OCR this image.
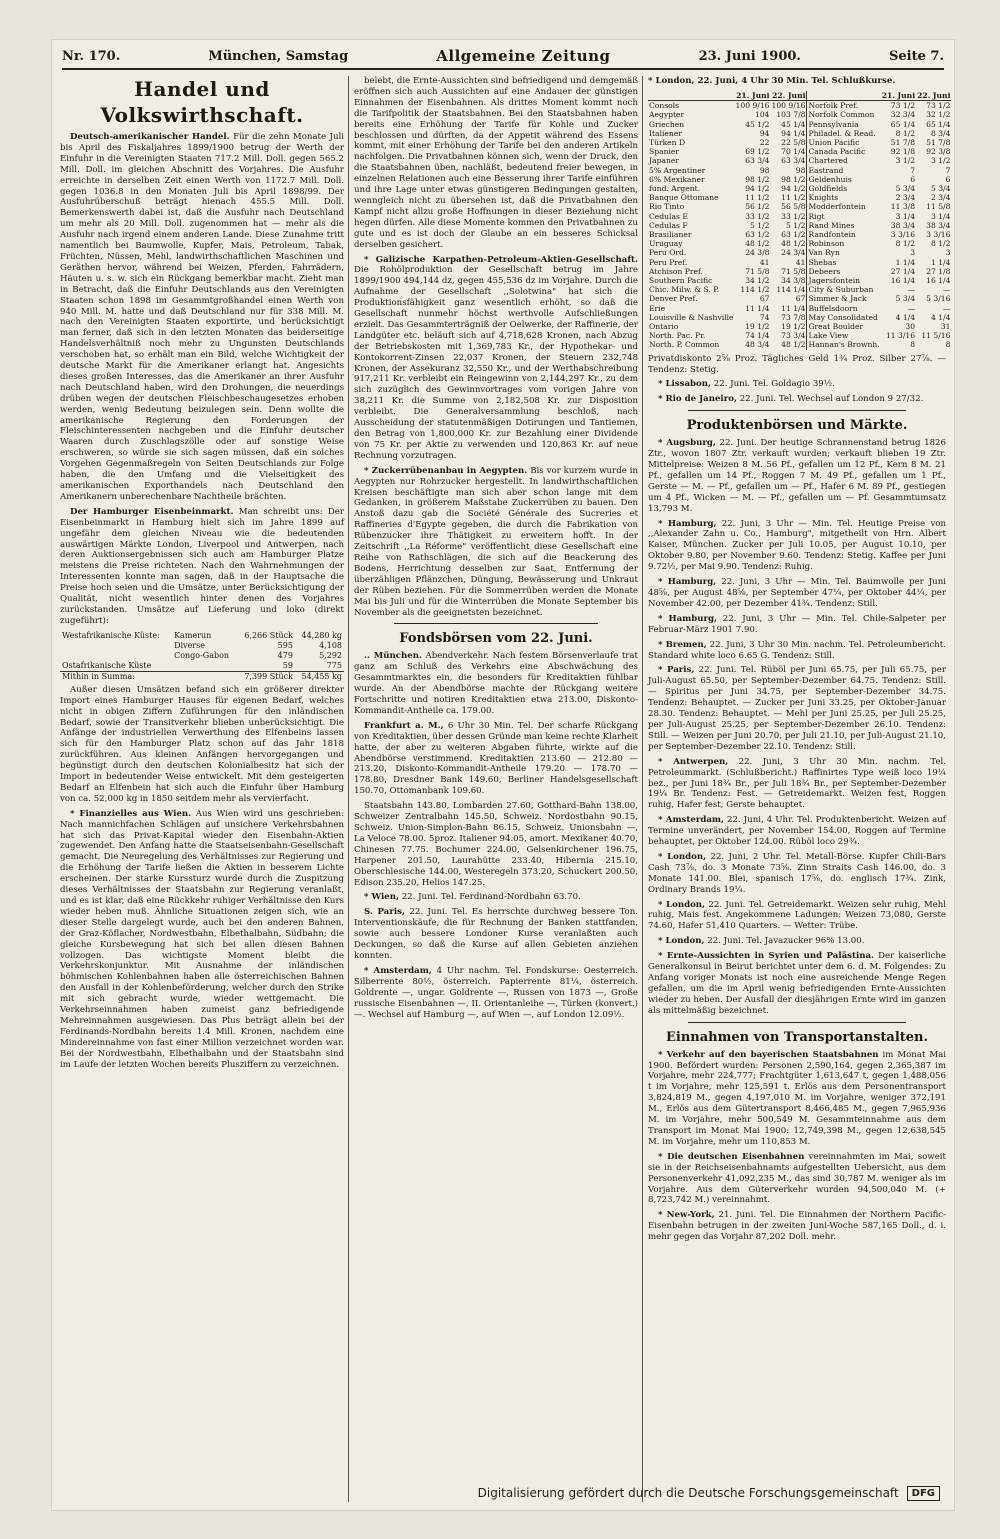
Nr. 170.	München, Samstag	Allgemeine Zeitung	23. Juni 1900.	Seite 7.
Handel und Volkswirthschaft.

Deutsch-amerikanischer Handel. Für die zehn Monate Juli bis April des Fiskaljahres 1899/1900 betrug der Werth der Einfuhr in die Vereinigten Staaten 717.2 Mill. Doll. gegen 565.2 Mill. Doll. im gleichen Abschnitt des Vorjahres. Die Ausfuhr erreichte in derselben Zeit einen Werth von 1172.7 Mill. Doll. gegen 1036.8 in den Monaten Juli bis April 1898/99. Der Ausfuhrüberschuß beträgt hienach 455.5 Mill. Doll. Bemerkenswerth dabei ist, daß die Ausfuhr nach Deutschland um mehr als 20 Mill. Doll. zugenommen hat — mehr als die Ausfuhr nach irgend einem anderen Lande. Diese Zunahme tritt namentlich bei Baumwolle, Kupfer, Mais, Petroleum, Tabak, Früchten, Nüssen, Mehl, landwirthschaftlichen Maschinen und Geräthen hervor, während bei Weizen, Pferden, Fahrrädern, Häuten u. s. w. sich ein Rückgang bemerkbar macht. Zieht man in Betracht, daß die Einfuhr Deutschlands aus den Vereinigten Staaten schon 1898 im Gesammtgroßhandel einen Werth von 940 Mill. M. hatte und daß Deutschland nur für 338 Mill. M. nach den Vereinigten Staaten exportirte, und berücksichtigt man ferner, daß sich in den letzten Monaten das beiderseitige Handelsverhältniß noch mehr zu Ungunsten Deutschlands verschoben hat, so erhält man ein Bild, welche Wichtigkeit der deutsche Markt für die Amerikaner erlangt hat. Angesichts dieses großen Interesses, das die Amerikaner an ihrer Ausfuhr nach Deutschland haben, wird den Drohungen, die neuerdings drüben wegen der deutschen Fleischbeschaugesetzes erhoben werden, wenig Bedeutung beizulegen sein. Denn wollte die amerikanische Regierung den Forderungen der Fleischinteressenten nachgeben und die Einfuhr deutscher Waaren durch Zuschlagszölle oder auf sonstige Weise erschweren, so würde sie sich sagen müssen, daß ein solches Vorgehen Gegenmaßregeln von Seiten Deutschlands zur Folge haben, die den Umfang und die Vielseitigkeit des amerikanischen Exporthandels nach Deutschland den Amerikanern unberechenbare Nachtheile brächten.

Der Hamburger Eisenbeinmarkt. Man schreibt uns: Der Eisenbeinmarkt in Hamburg hielt sich im Jahre 1899 auf ungefähr dem gleichen Niveau wie die bedeutenden auswärtigen Märkte London, Liverpool und Antwerpen, nach deren Auktionsergebnissen sich auch am Hamburger Platze meistens die Preise richteten. Nach den Wahrnehmungen der Interessenten konnte man sagen, daß in der Hauptsache die Preise hoch seien und die Umsätze, unter Berücksichtigung der Qualität, nicht wesentlich hinter denen des Vorjahres zurückstanden. Umsätze auf Lieferung und loko (direkt zugeführt):

Westafrikanische Küste:	Kamerun	6,266 Stück	44,280 kg
	Diverse	595	4,108
	Congo-Gabon	479	5,292
Ostafrikanische Küste		59	775
Mithin in Summa:		7,399 Stück	54,455 kg

Außer diesen Umsätzen befand sich ein größerer direkter Import eines Hamburger Hauses für eigenen Bedarf, welches nicht in obigen Ziffern Zuführungen für den inländischen Bedarf, sowie der Transitverkehr blieben unberücksichtigt. Die Anfänge der industriellen Verwerthung des Elfenbeins lassen sich für den Hamburger Platz schon auf das Jahr 1818 zurückführen. Aus kleinen Anfängen hervorgegangen und begünstigt durch den deutschen Kolonialbesitz hat sich der Import in bedeutender Weise entwickelt. Mit dem gesteigerten Bedarf an Elfenbein hat sich auch die Einfuhr über Hamburg von ca. 52,000 kg in 1850 seitdem mehr als vervierfacht.

* Finanzielles aus Wien. Aus Wien wird uns geschrieben: Nach mannichfachen Schlägen auf unsichere Verkehrsbahnen hat sich das Privat-Kapital wieder den Eisenbahn-Aktien zugewendet. Den Anfang hatte die Staatseisenbahn-Gesellschaft gemacht. Die Neuregelung des Verhältnisses zur Regierung und die Erhöhung der Tarife ließen die Aktien in besserem Lichte erscheinen. Der starke Kurssturz wurde durch die Zuspitzung dieses Verhältnisses der Staatsbahn zur Regierung veranlaßt, und es ist klar, daß eine Rückkehr ruhiger Verhältnisse den Kurs wieder heben muß. Ähnliche Situationen zeigen sich, wie an dieser Stelle dargelegt wurde, auch bei den anderen Bahnen, der Graz-Köflacher, Nordwestbahn, Elbethalbahn, Südbahn; die gleiche Kursbewegung hat sich bei allen diesen Bahnen vollzogen. Das wichtigste Moment bleibt die Verkehrskonjunktur. Mit Ausnahme der inländischen böhmischen Kohlenbahnen haben alle österreichischen Bahnen den Ausfall in der Kohlenbeförderung, welcher durch den Strike mit sich gebracht wurde, wieder wettgemacht. Die Verkehrseinnahmen haben zumeist ganz befriedigende Mehreinnahmen ausgewiesen. Das Plus beträgt allein bei der Ferdinands-Nordbahn bereits 1.4 Mill. Kronen, nachdem eine Mindereinnahme von fast einer Million verzeichnet worden war. Bei der Nordwestbahn, Elbethalbahn und der Staatsbahn sind im Laufe der letzten Wochen bereits Plusziffern zu verzeichnen.

belebt, die Ernte-Aussichten sind befriedigend und demgemäß eröffnen sich auch Aussichten auf eine Andauer der günstigen Einnahmen der Eisenbahnen. Als drittes Moment kommt noch die Tarifpolitik der Staatsbahnen. Bei den Staatsbahnen haben bereits eine Erhöhung der Tarife für Kohle und Zucker beschlossen und dürften, da der Appetit während des Essens kommt, mit einer Erhöhung der Tarife bei den anderen Artikeln nachfolgen. Die Privatbahnen können sich, wenn der Druck, den die Staatsbahnen üben, nachläßt, bedeutend freier bewegen, in einzelnen Relationen auch eine Besserung ihrer Tarife einführen und ihre Lage unter etwas günstigeren Bedingungen gestalten, wenngleich nicht zu übersehen ist, daß die Privatbahnen den Kampf nicht allzu große Hoffnungen in dieser Beziehung nicht hegen dürfen. Alle diese Momente kommen den Privatbahnen zu gute und es ist doch der Glaube an ein besseres Schicksal derselben gesichert.

* Galizische Karpathen-Petroleum-Aktien-Gesellschaft. Die Rohölproduktion der Gesellschaft betrug im Jahre 1899/1900 494,144 dz, gegen 455,536 dz im Vorjahre. Durch die Aufnahme der Gesellschaft ,,Solotwina" hat sich die Produktionsfähigkeit ganz wesentlich erhöht, so daß die Gesellschaft nunmehr höchst werthvolle Aufschließungen erzielt. Das Gesammterträgniß der Oelwerke, der Raffinerie, der Landgüter etc. beläuft sich auf 4,718,628 Kronen, nach Abzug der Betriebskosten mit 1,369,783 Kr., der Hypothekar- und Kontokorrent-Zinsen 22,037 Kronen, der Steuern 232,748 Kronen, der Assekuranz 32,550 Kr., und der Werthabschreibung 917,211 Kr. verbleibt ein Reingewinn von 2,144,297 Kr., zu dem sich zuzüglich des Gewinnvortrages vom vorigen Jahre von 38,211 Kr. die Summe von 2,182,508 Kr. zur Disposition verbleibt. Die Generalversammlung beschloß, nach Ausscheidung der statutenmäßigen Dotirungen und Tantiemen, den Betrag von 1,800,000 Kr. zur Bezahlung einer Dividende von 75 Kr. per Aktie zu verwenden und 120,863 Kr. auf neue Rechnung vorzutragen.

* Zuckerrübenanbau in Aegypten. Bis vor kurzem wurde in Aegypten nur Rohrzucker hergestellt. In landwirthschaftlichen Kreisen beschäftigte man sich aber schon lange mit dem Gedanken, in größerem Maßstabe Zuckerrüben zu bauen. Den Anstoß dazu gab die Société Générale des Sucreries et Raffineries d'Egypte gegeben, die durch die Fabrikation von Rübenzucker ihre Thätigkeit zu erweitern hofft. In der Zeitschrift ,,La Réforme" veröffentlicht diese Gesellschaft eine Reihe von Rathschlägen, die sich auf die Beackerung des Bodens, Herrichtung desselben zur Saat, Entfernung der überzähligen Pflänzchen, Düngung, Bewässerung und Unkraut der Rüben beziehen. Für die Sommerrüben werden die Monate Mai bis Juli und für die Winterrüben die Monate September bis November als die geeignetsten bezeichnet.

Fondsbörsen vom 22. Juni.

.. München. Abendverkehr. Nach festem Börsenverlaufe trat ganz am Schluß des Verkehrs eine Abschwächung des Gesammtmarktes ein, die besonders für Kreditaktien fühlbar wurde. An der Abendbörse machte der Rückgang weitere Fortschritte und notiren Kreditaktien etwa 213.00, Diskonto-Kommandit-Antheile ca. 179.00.

Frankfurt a. M., 6 Uhr 30 Min. Tel. Der scharfe Rückgang von Kreditaktien, über dessen Gründe man keine rechte Klarheit hatte, der aber zu weiteren Abgaben führte, wirkte auf die Abendbörse verstimmend. Kreditaktien 213.60 — 212.80 — 213.20, Diskonto-Kommandit-Antheile 179.20 — 178.70 — 178.80, Dresdner Bank 149.60, Berliner Handelsgesellschaft 150.70, Ottomanbank 109.60.

Staatsbahn 143.80, Lombarden 27.60, Gotthard-Bahn 138.00, Schweizer Zentralbahn 145.50, Schweiz. Nordostbahn 90.15, Schweiz. Union-Simplon-Bahn 86.15, Schweiz. Unionsbahn —, La Veloce 78.00. 5proz. Italiener 94.05, amort. Mexikaner 40.70, Chinesen 77.75. Bochumer 224.00, Gelsenkirchener 196.75, Harpener 201.50, Laurahütte 233.40, Hibernia 215.10, Oberschlesische 144.00, Westeregeln 373.20, Schuckert 200.50, Edison 235.20, Helios 147.25.

* Wien, 22. Juni. Tel. Ferdinand-Nordbahn 63.70.

S. Paris, 22. Juni. Tel. Es herrschte durchweg bessere Ton. Interventionskäufe, die für Rechnung der Banken stattfanden, sowie auch bessere Londoner Kurse veranlaßten auch Deckungen, so daß die Kurse auf allen Gebieten anziehen konnten.

* Amsterdam, 4 Uhr nachm. Tel. Fondskurse: Oesterreich. Silberrente 80½, österreich. Papierrente 81¼, österreich. Goldrente —, ungar. Goldrente —, Russen von 1873 —, Große russische Eisenbahnen —, II. Orientanleihe —, Türken (konvert.) —. Wechsel auf Hamburg —, auf Wien —, auf London 12.09½.

* London, 22. Juni, 4 Uhr 30 Min. Tel. Schlußkurse.

	21. Juni	22. Juni			21. Juni	22. Juni
Consols	100 9/16	100 9/16		Norfolk Pref.	73 1/2	73 1/2
Aegypter	104	103 7/8		Norfolk Common	32 3/4	32 1/2
Griechen	45 1/2	45 1/4		Pennsylvania	65 1/4	65 1/4
Italiener	94	94 1/4		Philadel. & Read.	8 1/2	8 3/4
Türken D	22	22 5/8		Union Pacific	51 7/8	51 7/8
Spanier	69 1/2	70 1/4		Canada Pacific	92 1/8	92 3/8
Japaner	63 3/4	63 3/4		Chartered	3 1/2	3 1/2
5% Argentiner	98	98		Eastrand	7	7
6% Mexikaner	98 1/2	98 1/2		Geldenhuis	6	6
fund. Argent.	94 1/2	94 1/2		Goldfields	5 3/4	5 3/4
Banque Ottomane	11 1/2	11 1/2		Knights	2 3/4	2 3/4
Rio Tinto	56 1/2	56 5/8		Modderfontein	11 3/8	11 5/8
Cedulas E	33 1/2	33 1/2		Rigt	3 1/4	3 1/4
Cedulas F	5 1/2	5 1/2		Rand Mines	38 3/4	38 3/4
Brasilianer	63 1/2	63 1/2		Randfontein	3 3/16	3 3/16
Uruguay	48 1/2	48 1/2		Robinson	8 1/2	8 1/2
Peru Ord.	24 3/8	24 3/4		Van Ryn	3	3
Peru Pref.	41	41		Shebas	1 1/4	1 1/4
Atchison Pref.	71 5/8	71 5/8		Debeers	27 1/4	27 1/8
Southern Pacific	34 1/2	34 3/8		Jagersfontein	16 1/4	16 1/4
Chic. Milw. & S. P.	114 1/2	114 1/4		City & Suburban	—	—
Denver Pref.	67	67		Simmer & Jack	5 3/4	5 3/16
Erie	11 1/4	11 1/4		Buffelsdoorn	—	—
Louisville & Nashville	74	73 7/8		May Consolidated	4 1/4	4 1/4
Ontario	19 1/2	19 1/2		Great Boulder	30	31
North. Pac. Pr.	74 1/4	73 3/4		Lake View	11 3/16	11 5/16
North. P. Common	48 3/4	48 1/2		Hannan's Brownh.	8	8

Privatdiskonto 2⅝ Proz. Tägliches Geld 1¾ Proz. Silber 27⅞. — Tendenz: Stetig.

* Lissabon, 22. Juni. Tel. Goldagio 39½.

* Rio de Janeiro, 22. Juni. Tel. Wechsel auf London 9 27/32.

Produktenbörsen und Märkte.

* Augsburg, 22. Juni. Der heutige Schrannenstand betrug 1826 Ztr., wovon 1807 Ztr. verkauft wurden; verkauft blieben 19 Ztr. Mittelpreise: Weizen 8 M. 56 Pf., gefallen um 12 Pf., Kern 8 M. 21 Pf., gefallen um 14 Pf., Roggen 7 M. 49 Pf., gefallen um 1 Pf., Gerste — M. — Pf., gefallen um — Pf., Hafer 6 M. 89 Pf., gestiegen um 4 Pf., Wicken — M. — Pf., gefallen um — Pf. Gesammtumsatz 13,793 M.

* Hamburg, 22. Juni, 3 Uhr — Min. Tel. Heutige Preise von ,,Alexander Zahn u. Co., Hamburg", mitgetheilt von Hrn. Albert Kaiser, München. Zucker per Juli 10.05, per August 10.10, per Oktober 9.80, per November 9.60. Tendenz: Stetig. Kaffee per Juni 9.72½, per Mai 9.90. Tendenz: Ruhig.

* Hamburg, 22. Juni, 3 Uhr — Min. Tel. Baumwolle per Juni 48⅝, per August 48⅝, per September 47¼, per Oktober 44¼, per November 42.00, per Dezember 41¾. Tendenz: Still.

* Hamburg, 22. Juni, 3 Uhr — Min. Tel. Chile-Salpeter per Februar-März 1901 7.90.

* Bremen, 22. Juni, 3 Uhr 30 Min. nachm. Tel. Petroleumbericht. Standard white loco 6.65 G. Tendenz: Still.

* Paris, 22. Juni. Tel. Rüböl per Juni 65.75, per Juli 65.75, per Juli-August 65.50, per September-Dezember 64.75. Tendenz: Still. — Spiritus per Juni 34.75, per September-Dezember 34.75. Tendenz: Behauptet. — Zucker per Juni 33.25, per Oktober-Januar 28.30. Tendenz: Behauptet. — Mehl per Juni 25.25, per Juli 25.25, per Juli-August 25.25, per September-Dezember 26.10. Tendenz: Still. — Weizen per Juni 20.70, per Juli 21.10, per Juli-August 21.10, per September-Dezember 22.10. Tendenz: Still.

* Antwerpen, 22. Juni, 3 Uhr 30 Min. nachm. Tel. Petroleummarkt. (Schlußbericht.) Raffinirtes Type weiß loco 19¼ bez., per Juni 18¾ Br., per Juli 18¾ Br., per September-Dezember 19¼ Br. Tendenz: Fest. — Getreidemarkt. Weizen fest, Roggen ruhig, Hafer fest, Gerste behauptet.

* Amsterdam, 22. Juni, 4 Uhr. Tel. Produktenbericht. Weizen auf Termine unverändert, per November 154.00, Roggen auf Termine behauptet, per Oktober 124.00. Rüböl loco 29¾.

* London, 22. Juni, 2 Uhr. Tel. Metall-Börse. Kupfer Chili-Bars Cash 73⅞, do. 3 Monate 73⅝. Zinn Straits Cash 146.00, do. 3 Monate 141.00. Blei, spanisch 17⅝, do. englisch 17¾. Zink, Ordinary Brands 19¼.

* London, 22. Juni. Tel. Getreidemarkt. Weizen sehr ruhig, Mehl ruhig, Mais fest. Angekommene Ladungen: Weizen 73,080, Gerste 74.60, Hafer 51,410 Quarters. — Wetter: Trübe.

* London, 22. Juni. Tel. Javazucker 96% 13.00.

* Ernte-Aussichten in Syrien und Palästina. Der kaiserliche Generalkonsul in Beirut berichtet unter dem 6. d. M. Folgendes: Zu Anfang voriger Monats ist noch eine ausreichende Menge Regen gefallen, um die im April wenig befriedigenden Ernte-Aussichten wieder zu heben. Der Ausfall der diesjährigen Ernte wird im ganzen als mittelmäßig bezeichnet.

Einnahmen von Transportanstalten.

* Verkehr auf den bayerischen Staatsbahnen im Monat Mai 1900. Befördert wurden: Personen 2,590,164, gegen 2,365,387 im Vorjahre, mehr 224,777; Frachtgüter 1,613,647 t, gegen 1,488,056 t im Vorjahre, mehr 125,591 t. Erlös aus dem Personentransport 3,824,819 M., gegen 4,197,010 M. im Vorjahre, weniger 372,191 M., Erlös aus dem Gütertransport 8,466,485 M., gegen 7,965,936 M. im Vorjahre, mehr 500,549 M. Gesammteinnahme aus dem Transport im Monat Mai 1900: 12,749,398 M., gegen 12,638,545 M. im Vorjahre, mehr um 110,853 M.

* Die deutschen Eisenbahnen vereinnahmten im Mai, soweit sie in der Reichseisenbahnamts aufgestellten Uebersicht, aus dem Personenverkehr 41,092,235 M., das sind 30,787 M. weniger als im Vorjahre. Aus dem Güterverkehr wurden 94,500,040 M. (+ 8,723,742 M.) vereinnahmt.

* New-York, 21. Juni. Tel. Die Einnahmen der Northern Pacific-Eisenbahn betrugen in der zweiten Juni-Woche 587,165 Doll., d. i. mehr gegen das Vorjahr 87,202 Doll. mehr.

Digitalisierung gefördert durch die Deutsche Forschungsgemeinschaft	DFG
